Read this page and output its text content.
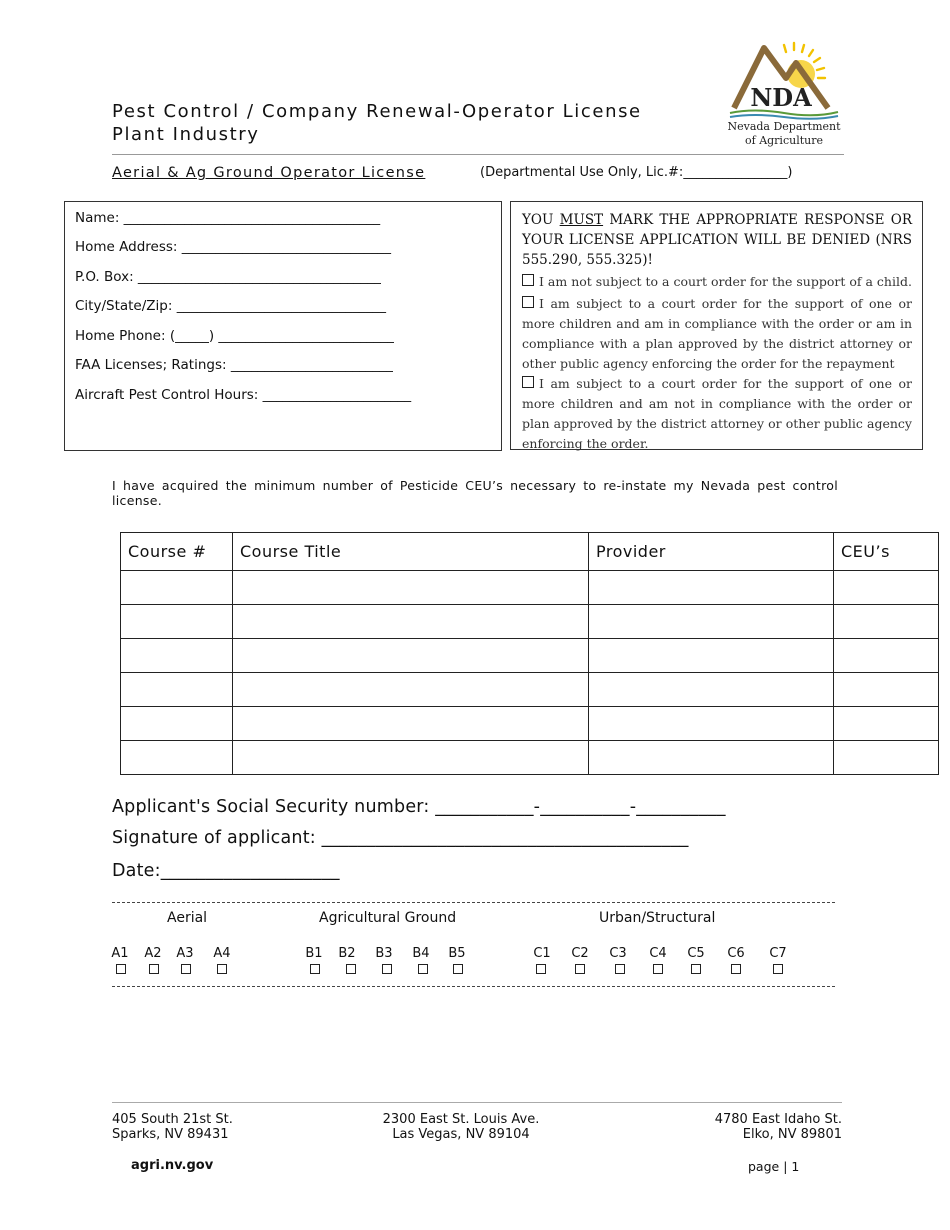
Pest Control / Company Renewal-Operator License
Plant Industry
NDA
Nevada Department
of Agriculture
Aerial & Ag Ground Operator License	(Departmental Use Only, Lic.#:________________)
Name: ______________________________________
Home Address: _______________________________
P.O. Box: ____________________________________
City/State/Zip: _______________________________
Home Phone: (_____) __________________________
FAA Licenses; Ratings: ________________________
Aircraft Pest Control Hours: ______________________
YOU MUST MARK THE APPROPRIATE RESPONSE OR YOUR LICENSE APPLICATION WILL BE DENIED (NRS 555.290, 555.325)!
I am not subject to a court order for the support of a child.
I am subject to a court order for the support of one or more children and am in compliance with the order or am in compliance with a plan approved by the district attorney or other public agency enforcing the order for the repayment
I am subject to a court order for the support of one or more children and am not in compliance with the order or plan approved by the district attorney or other public agency enforcing the order.
I have acquired the minimum number of Pesticide CEU’s necessary to re-instate my Nevada pest control license.
Course #	Course Title	Provider	CEU’s

Applicant's Social Security number: ___________-__________-__________
Signature of applicant: _________________________________________
Date:____________________
Aerial	Agricultural Ground	Urban/Structural
A1 A2 A3 A4	B1 B2 B3 B4 B5	C1 C2 C3 C4 C5 C6 C7
405 South 21st St.
Sparks, NV 89431
2300 East St. Louis Ave.
Las Vegas, NV 89104
4780 East Idaho St.
Elko, NV 89801
agri.nv.gov	page | 1
